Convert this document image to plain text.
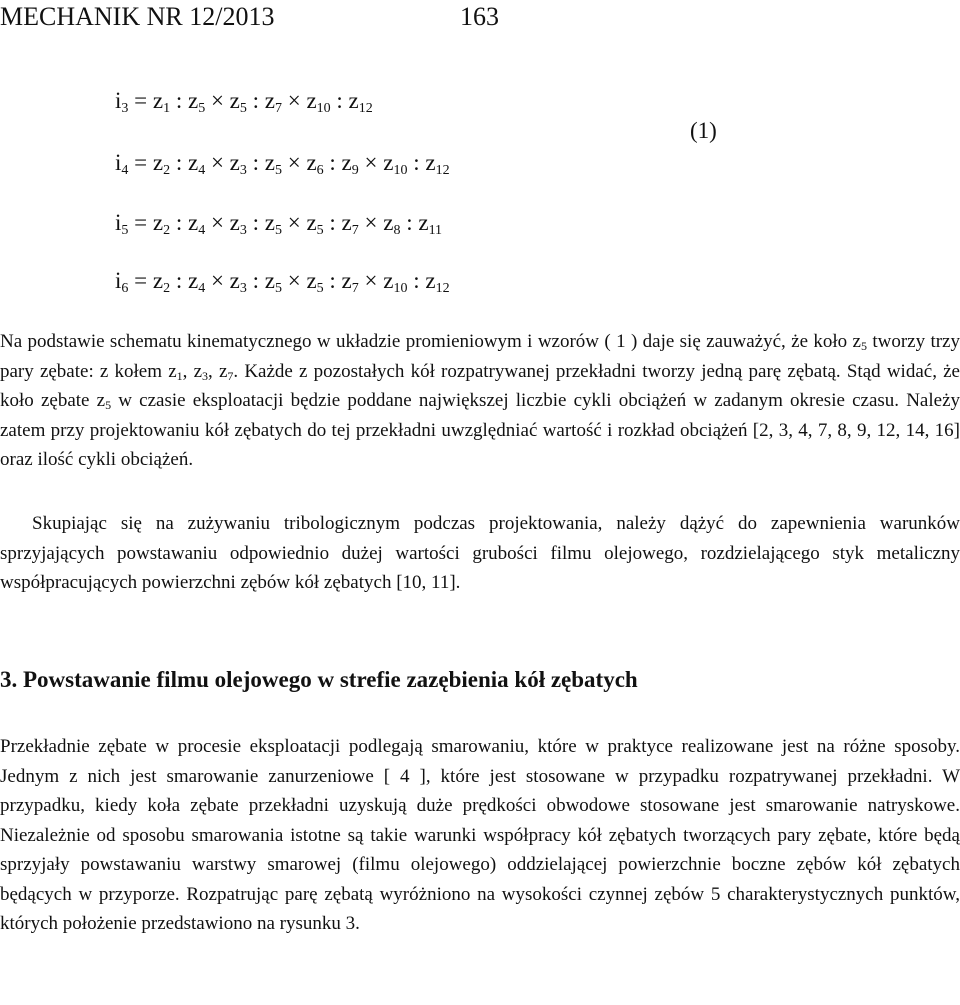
MECHANIK NR 12/2013	163
$i_3 = z_1$ : $z_5 \times z_5$ : $z_7 \times z_{10}$ : $z_{12}$
$i_4 = z_2$ : $z_4 \times z_3$ : $z_5 \times z_6$ : $z_9 \times z_{10}$ : $z_{12}$
$i_5 = z_2$ : $z_4 \times z_3$ : $z_5 \times z_5$ : $z_7 \times z_8$ : $z_{11}$
$i_6 = z_2$ : $z_4 \times z_3$ : $z_5 \times z_5$ : $z_7 \times z_{10}$ : $z_{12}$
(1)
Na podstawie schematu kinematycznego w układzie promieniowym i wzorów ( 1 ) daje się zauważyć, że koło $z_5$ tworzy trzy pary zębate: z kołem $z_1$, $z_3$, $z_7$. Każde z pozostałych kół rozpatrywanej przekładni tworzy jedną parę zębatą. Stąd widać, że koło zębate $z_5$ w czasie eksploatacji będzie poddane największej liczbie cykli obciążeń w zadanym okresie czasu. Należy zatem przy projektowaniu kół zębatych do tej przekładni uwzględniać wartość i rozkład obciążeń [2, 3, 4, 7, 8, 9, 12, 14, 16] oraz ilość cykli obciążeń.
Skupiając się na zużywaniu tribologicznym podczas projektowania, należy dążyć do zapewnienia warunków sprzyjających powstawaniu odpowiednio dużej wartości grubości filmu olejowego, rozdzielającego styk metaliczny współpracujących powierzchni zębów kół zębatych [10, 11].
3. Powstawanie filmu olejowego w strefie zazębienia kół zębatych
Przekładnie zębate w procesie eksploatacji podlegają smarowaniu, które w praktyce realizowane jest na różne sposoby. Jednym z nich jest smarowanie zanurzeniowe [ 4 ], które jest stosowane w przypadku rozpatrywanej przekładni. W przypadku, kiedy koła zębate przekładni uzyskują duże prędkości obwodowe stosowane jest smarowanie natryskowe. Niezależnie od sposobu smarowania istotne są takie warunki współpracy kół zębatych tworzących pary zębate, które będą sprzyjały powstawaniu warstwy smarowej (filmu olejowego) oddzielającej powierzchnie boczne zębów kół zębatych będących w przyporze. Rozpatrując parę zębatą wyróżniono na wysokości czynnej zębów 5 charakterystycznych punktów, których położenie przedstawiono na rysunku 3.
